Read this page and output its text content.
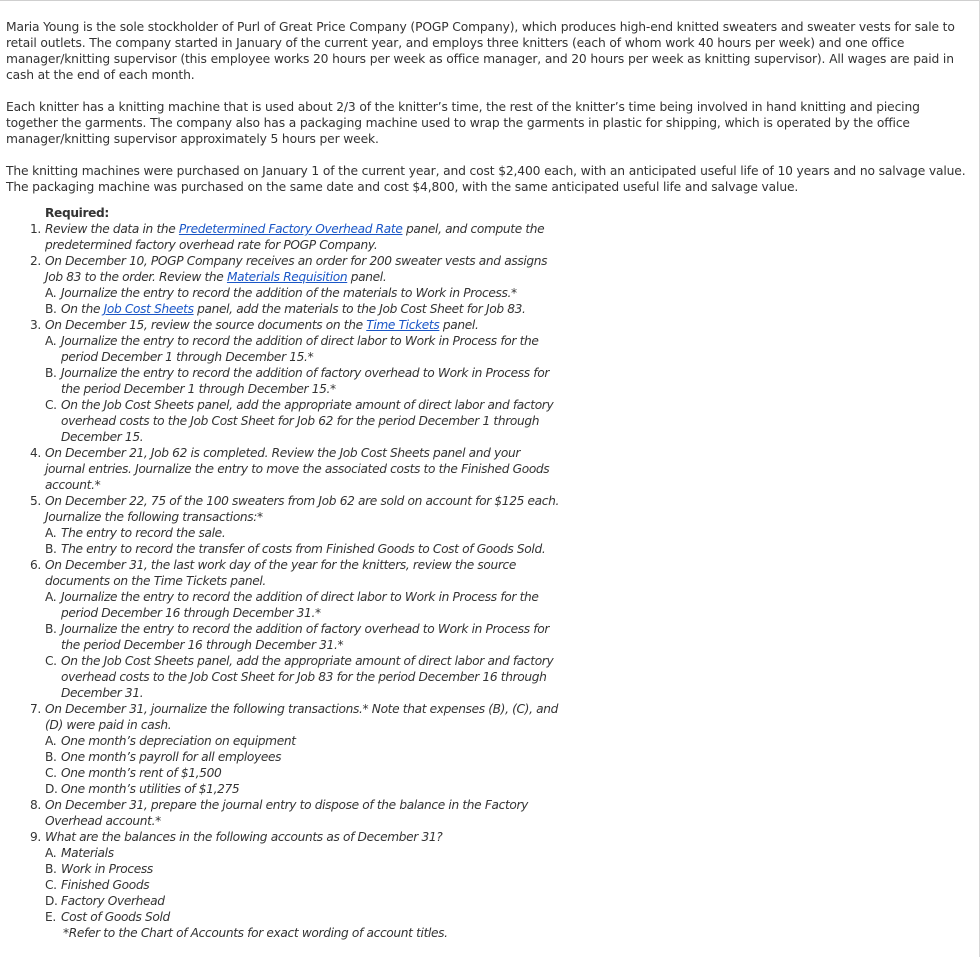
Maria Young is the sole stockholder of Purl of Great Price Company (POGP Company), which produces high-end knitted sweaters and sweater vests for sale to retail outlets. The company started in January of the current year, and employs three knitters (each of whom work 40 hours per week) and one office manager/knitting supervisor (this employee works 20 hours per week as office manager, and 20 hours per week as knitting supervisor). All wages are paid in cash at the end of each month.

Each knitter has a knitting machine that is used about 2/3 of the knitter’s time, the rest of the knitter’s time being involved in hand knitting and piecing together the garments. The company also has a packaging machine used to wrap the garments in plastic for shipping, which is operated by the office manager/knitting supervisor approximately 5 hours per week.

The knitting machines were purchased on January 1 of the current year, and cost $2,400 each, with an anticipated useful life of 10 years and no salvage value. The packaging machine was purchased on the same date and cost $4,800, with the same anticipated useful life and salvage value.

Required:
1. Review the data in the Predetermined Factory Overhead Rate panel, and compute the predetermined factory overhead rate for POGP Company.
2. On December 10, POGP Company receives an order for 200 sweater vests and assigns Job 83 to the order. Review the Materials Requisition panel.
A. Journalize the entry to record the addition of the materials to Work in Process.*
B. On the Job Cost Sheets panel, add the materials to the Job Cost Sheet for Job 83.
3. On December 15, review the source documents on the Time Tickets panel.
A. Journalize the entry to record the addition of direct labor to Work in Process for the period December 1 through December 15.*
B. Journalize the entry to record the addition of factory overhead to Work in Process for the period December 1 through December 15.*
C. On the Job Cost Sheets panel, add the appropriate amount of direct labor and factory overhead costs to the Job Cost Sheet for Job 62 for the period December 1 through December 15.
4. On December 21, Job 62 is completed. Review the Job Cost Sheets panel and your journal entries. Journalize the entry to move the associated costs to the Finished Goods account.*
5. On December 22, 75 of the 100 sweaters from Job 62 are sold on account for $125 each. Journalize the following transactions:*
A. The entry to record the sale.
B. The entry to record the transfer of costs from Finished Goods to Cost of Goods Sold.
6. On December 31, the last work day of the year for the knitters, review the source documents on the Time Tickets panel.
A. Journalize the entry to record the addition of direct labor to Work in Process for the period December 16 through December 31.*
B. Journalize the entry to record the addition of factory overhead to Work in Process for the period December 16 through December 31.*
C. On the Job Cost Sheets panel, add the appropriate amount of direct labor and factory overhead costs to the Job Cost Sheet for Job 83 for the period December 16 through December 31.
7. On December 31, journalize the following transactions.* Note that expenses (B), (C), and (D) were paid in cash.
A. One month’s depreciation on equipment
B. One month’s payroll for all employees
C. One month’s rent of $1,500
D. One month’s utilities of $1,275
8. On December 31, prepare the journal entry to dispose of the balance in the Factory Overhead account.*
9. What are the balances in the following accounts as of December 31?
A. Materials
B. Work in Process
C. Finished Goods
D. Factory Overhead
E. Cost of Goods Sold
*Refer to the Chart of Accounts for exact wording of account titles.
